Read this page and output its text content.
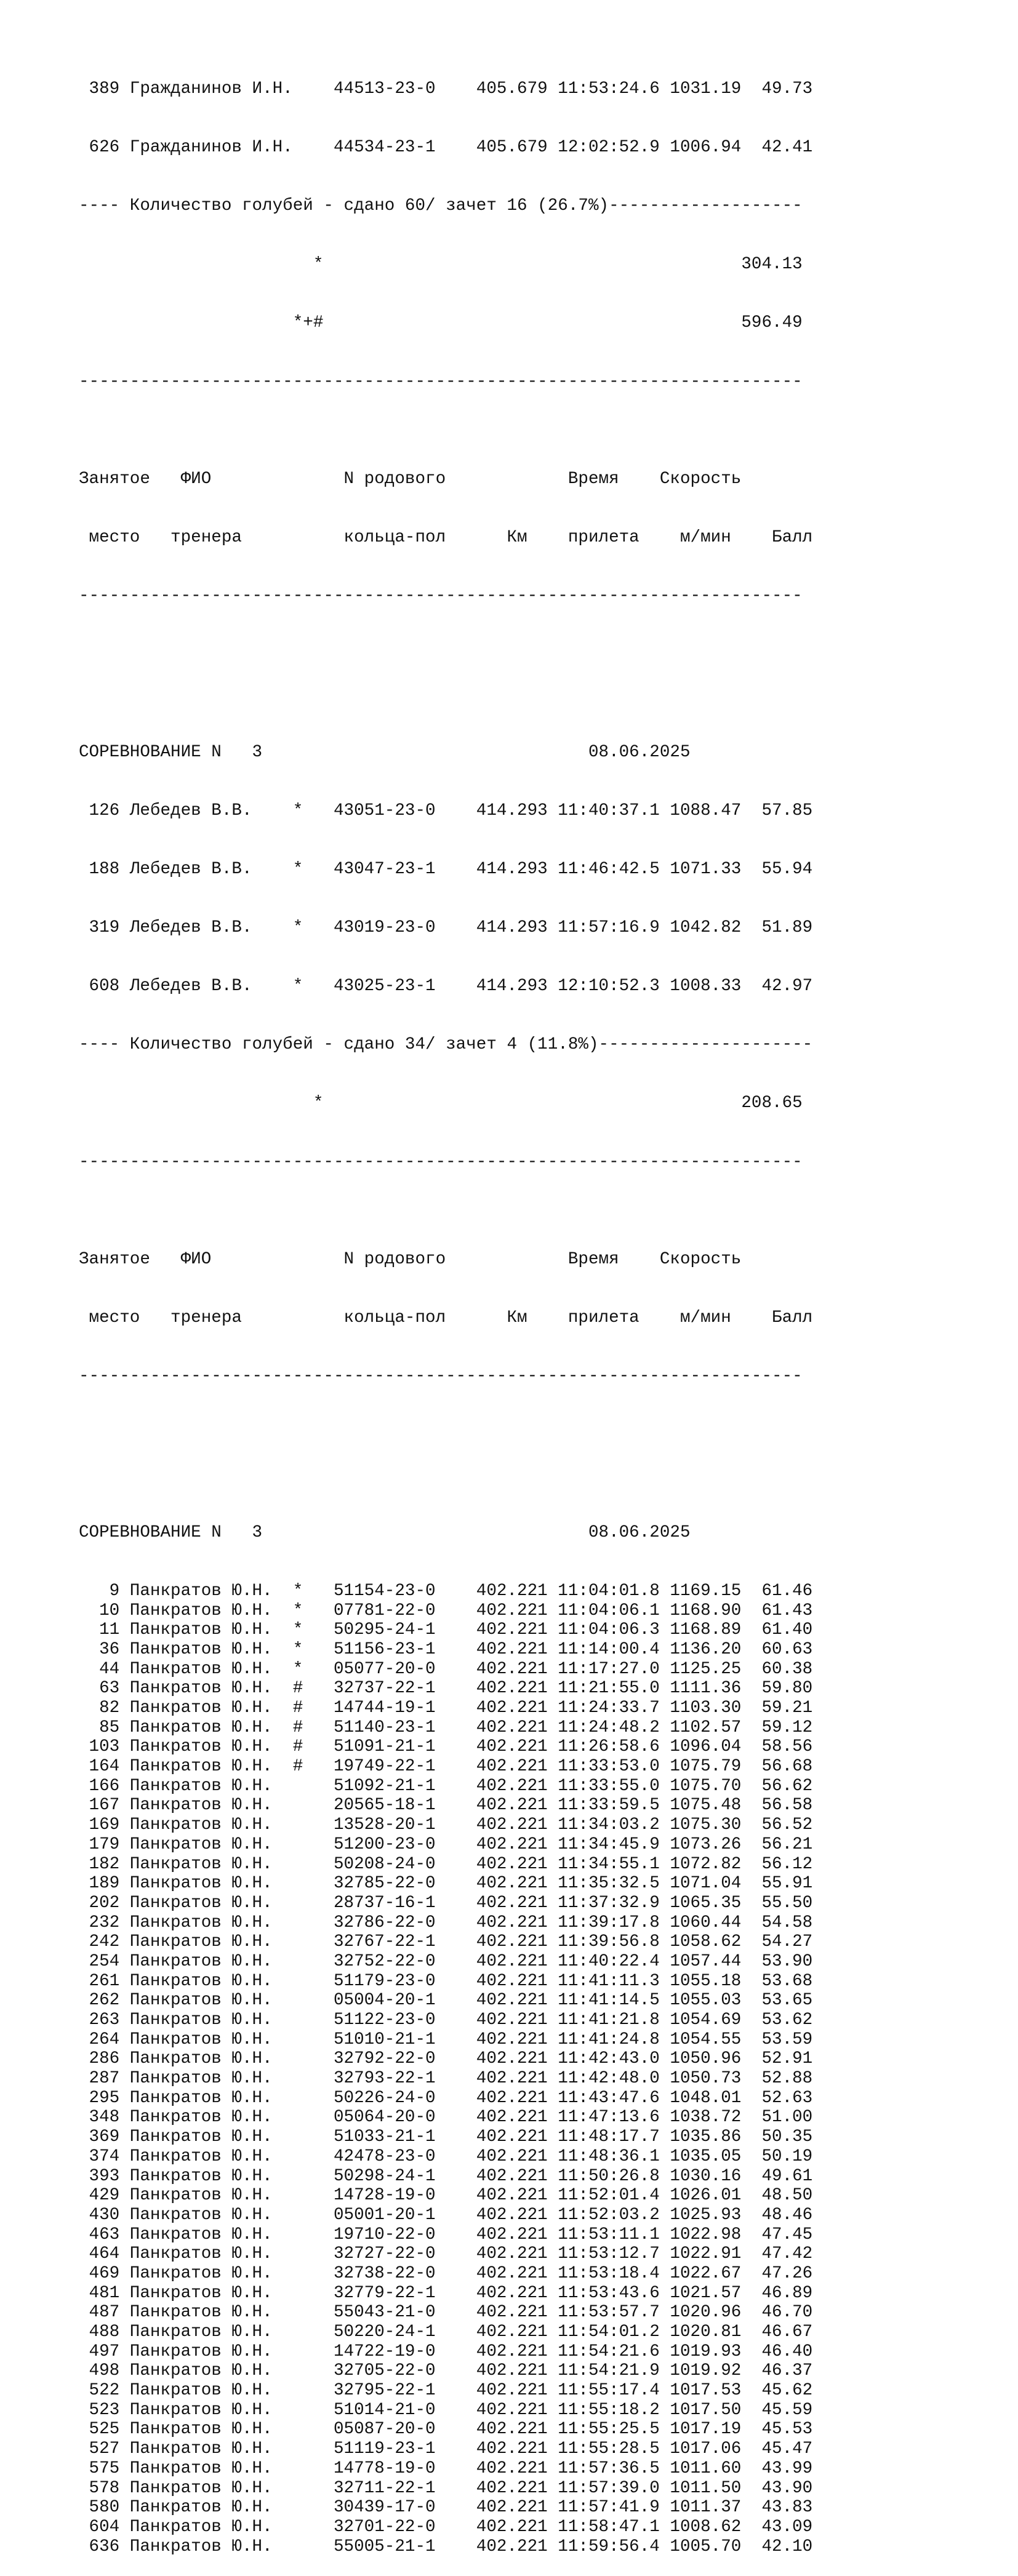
389 Гражданинов И.Н.    44513-23-0    405.679 11:53:24.6 1031.19  49.73

626 Гражданинов И.Н.    44534-23-1    405.679 12:02:52.9 1006.94  42.41

---- Количество голубей - сдано 60/ зачет 16 (26.7%)-------------------

*                                         304.13

*+#                                         596.49

-----------------------------------------------------------------------

Занятое   ФИО             N родового            Время    Скорость

место   тренера          кольца-пол      Км    прилета    м/мин    Балл

-----------------------------------------------------------------------

СОРЕВНОВАНИЕ N   3                                08.06.2025

126 Лебедев В.В.    *   43051-23-0    414.293 11:40:37.1 1088.47  57.85

188 Лебедев В.В.    *   43047-23-1    414.293 11:46:42.5 1071.33  55.94

319 Лебедев В.В.    *   43019-23-0    414.293 11:57:16.9 1042.82  51.89

608 Лебедев В.В.    *   43025-23-1    414.293 12:10:52.3 1008.33  42.97

---- Количество голубей - сдано 34/ зачет 4 (11.8%)---------------------

*                                         208.65

-----------------------------------------------------------------------

Занятое   ФИО             N родового            Время    Скорость

место   тренера          кольца-пол      Км    прилета    м/мин    Балл

-----------------------------------------------------------------------

СОРЕВНОВАНИЕ N   3                                08.06.2025

9 Панкратов Ю.Н.  *   51154-23-0    402.221 11:04:01.8 1169.15  61.46
10 Панкратов Ю.Н.  *   07781-22-0    402.221 11:04:06.1 1168.90  61.43
11 Панкратов Ю.Н.  *   50295-24-1    402.221 11:04:06.3 1168.89  61.40
36 Панкратов Ю.Н.  *   51156-23-1    402.221 11:14:00.4 1136.20  60.63
44 Панкратов Ю.Н.  *   05077-20-0    402.221 11:17:27.0 1125.25  60.38
63 Панкратов Ю.Н.  #   32737-22-1    402.221 11:21:55.0 1111.36  59.80
82 Панкратов Ю.Н.  #   14744-19-1    402.221 11:24:33.7 1103.30  59.21
85 Панкратов Ю.Н.  #   51140-23-1    402.221 11:24:48.2 1102.57  59.12
103 Панкратов Ю.Н.  #   51091-21-1    402.221 11:26:58.6 1096.04  58.56
164 Панкратов Ю.Н.  #   19749-22-1    402.221 11:33:53.0 1075.79  56.68
166 Панкратов Ю.Н.      51092-21-1    402.221 11:33:55.0 1075.70  56.62
167 Панкратов Ю.Н.      20565-18-1    402.221 11:33:59.5 1075.48  56.58
169 Панкратов Ю.Н.      13528-20-1    402.221 11:34:03.2 1075.30  56.52
179 Панкратов Ю.Н.      51200-23-0    402.221 11:34:45.9 1073.26  56.21
182 Панкратов Ю.Н.      50208-24-0    402.221 11:34:55.1 1072.82  56.12
189 Панкратов Ю.Н.      32785-22-0    402.221 11:35:32.5 1071.04  55.91
202 Панкратов Ю.Н.      28737-16-1    402.221 11:37:32.9 1065.35  55.50
232 Панкратов Ю.Н.      32786-22-0    402.221 11:39:17.8 1060.44  54.58
242 Панкратов Ю.Н.      32767-22-1    402.221 11:39:56.8 1058.62  54.27
254 Панкратов Ю.Н.      32752-22-0    402.221 11:40:22.4 1057.44  53.90
261 Панкратов Ю.Н.      51179-23-0    402.221 11:41:11.3 1055.18  53.68
262 Панкратов Ю.Н.      05004-20-1    402.221 11:41:14.5 1055.03  53.65
263 Панкратов Ю.Н.      51122-23-0    402.221 11:41:21.8 1054.69  53.62
264 Панкратов Ю.Н.      51010-21-1    402.221 11:41:24.8 1054.55  53.59
286 Панкратов Ю.Н.      32792-22-0    402.221 11:42:43.0 1050.96  52.91
287 Панкратов Ю.Н.      32793-22-1    402.221 11:42:48.0 1050.73  52.88
295 Панкратов Ю.Н.      50226-24-0    402.221 11:43:47.6 1048.01  52.63
348 Панкратов Ю.Н.      05064-20-0    402.221 11:47:13.6 1038.72  51.00
369 Панкратов Ю.Н.      51033-21-1    402.221 11:48:17.7 1035.86  50.35
374 Панкратов Ю.Н.      42478-23-0    402.221 11:48:36.1 1035.05  50.19
393 Панкратов Ю.Н.      50298-24-1    402.221 11:50:26.8 1030.16  49.61
429 Панкратов Ю.Н.      14728-19-0    402.221 11:52:01.4 1026.01  48.50
430 Панкратов Ю.Н.      05001-20-1    402.221 11:52:03.2 1025.93  48.46
463 Панкратов Ю.Н.      19710-22-0    402.221 11:53:11.1 1022.98  47.45
464 Панкратов Ю.Н.      32727-22-0    402.221 11:53:12.7 1022.91  47.42
469 Панкратов Ю.Н.      32738-22-0    402.221 11:53:18.4 1022.67  47.26
481 Панкратов Ю.Н.      32779-22-1    402.221 11:53:43.6 1021.57  46.89
487 Панкратов Ю.Н.      55043-21-0    402.221 11:53:57.7 1020.96  46.70
488 Панкратов Ю.Н.      50220-24-1    402.221 11:54:01.2 1020.81  46.67
497 Панкратов Ю.Н.      14722-19-0    402.221 11:54:21.6 1019.93  46.40
498 Панкратов Ю.Н.      32705-22-0    402.221 11:54:21.9 1019.92  46.37
522 Панкратов Ю.Н.      32795-22-1    402.221 11:55:17.4 1017.53  45.62
523 Панкратов Ю.Н.      51014-21-0    402.221 11:55:18.2 1017.50  45.59
525 Панкратов Ю.Н.      05087-20-0    402.221 11:55:25.5 1017.19  45.53
527 Панкратов Ю.Н.      51119-23-1    402.221 11:55:28.5 1017.06  45.47
575 Панкратов Ю.Н.      14778-19-0    402.221 11:57:36.5 1011.60  43.99
578 Панкратов Ю.Н.      32711-22-1    402.221 11:57:39.0 1011.50  43.90
580 Панкратов Ю.Н.      30439-17-0    402.221 11:57:41.9 1011.37  43.83
604 Панкратов Ю.Н.      32701-22-0    402.221 11:58:47.1 1008.62  43.09
636 Панкратов Ю.Н.      55005-21-1    402.221 11:59:56.4 1005.70  42.10
